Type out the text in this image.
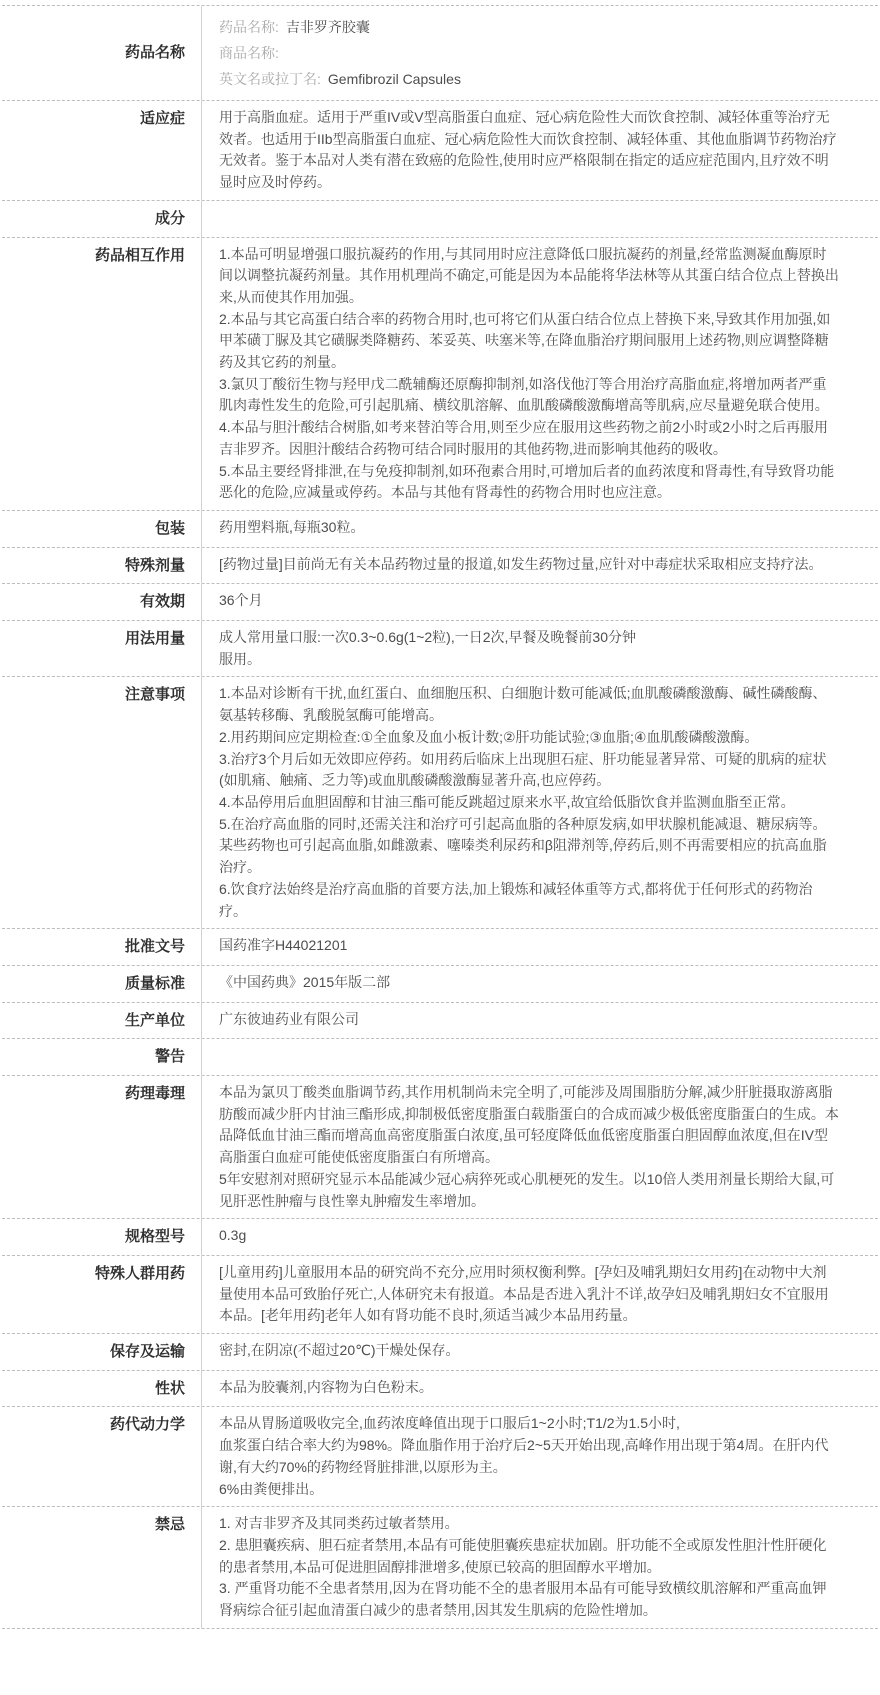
药品名称
药品名称: 吉非罗齐胶囊
商品名称:
英文名或拉丁名: Gemfibrozil Capsules
适应症	用于高脂血症。适用于严重IV或V型高脂蛋白血症、冠心病危险性大而饮食控制、减轻体重等治疗无效者。也适用于IIb型高脂蛋白血症、冠心病危险性大而饮食控制、减轻体重、其他血脂调节药物治疗无效者。鉴于本品对人类有潜在致癌的危险性,使用时应严格限制在指定的适应症范围内,且疗效不明显时应及时停药。
成分
药品相互作用	1.本品可明显增强口服抗凝药的作用,与其同用时应注意降低口服抗凝药的剂量,经常监测凝血酶原时间以调整抗凝药剂量。其作用机理尚不确定,可能是因为本品能将华法林等从其蛋白结合位点上替换出来,从而使其作用加强。
2.本品与其它高蛋白结合率的药物合用时,也可将它们从蛋白结合位点上替换下来,导致其作用加强,如甲苯磺丁脲及其它磺脲类降糖药、苯妥英、呋塞米等,在降血脂治疗期间服用上述药物,则应调整降糖药及其它药的剂量。
3.氯贝丁酸衍生物与羟甲戊二酰辅酶还原酶抑制剂,如洛伐他汀等合用治疗高脂血症,将增加两者严重肌肉毒性发生的危险,可引起肌痛、横纹肌溶解、血肌酸磷酸激酶增高等肌病,应尽量避免联合使用。
4.本品与胆汁酸结合树脂,如考来替泊等合用,则至少应在服用这些药物之前2小时或2小时之后再服用吉非罗齐。因胆汁酸结合药物可结合同时服用的其他药物,进而影响其他药的吸收。
5.本品主要经肾排泄,在与免疫抑制剂,如环孢素合用时,可增加后者的血药浓度和肾毒性,有导致肾功能恶化的危险,应减量或停药。本品与其他有肾毒性的药物合用时也应注意。
包装	药用塑料瓶,每瓶30粒。
特殊剂量	[药物过量]目前尚无有关本品药物过量的报道,如发生药物过量,应针对中毒症状采取相应支持疗法。
有效期	36个月
用法用量	成人常用量口服:一次0.3~0.6g(1~2粒),一日2次,早餐及晚餐前30分钟
服用。
注意事项	1.本品对诊断有干扰,血红蛋白、血细胞压积、白细胞计数可能减低;血肌酸磷酸激酶、碱性磷酸酶、氨基转移酶、乳酸脱氢酶可能增高。
2.用药期间应定期检查:①全血象及血小板计数;②肝功能试验;③血脂;④血肌酸磷酸激酶。
3.治疗3个月后如无效即应停药。如用药后临床上出现胆石症、肝功能显著异常、可疑的肌病的症状(如肌痛、触痛、乏力等)或血肌酸磷酸激酶显著升高,也应停药。
4.本品停用后血胆固醇和甘油三酯可能反跳超过原来水平,故宜给低脂饮食并监测血脂至正常。
5.在治疗高血脂的同时,还需关注和治疗可引起高血脂的各种原发病,如甲状腺机能减退、糖尿病等。某些药物也可引起高血脂,如雌激素、噻嗪类利尿药和β阻滞剂等,停药后,则不再需要相应的抗高血脂治疗。
6.饮食疗法始终是治疗高血脂的首要方法,加上锻炼和减轻体重等方式,都将优于任何形式的药物治疗。
批准文号	国药准字H44021201
质量标准	《中国药典》2015年版二部
生产单位	广东彼迪药业有限公司
警告
药理毒理	本品为氯贝丁酸类血脂调节药,其作用机制尚未完全明了,可能涉及周围脂肪分解,减少肝脏摄取游离脂肪酸而减少肝内甘油三酯形成,抑制极低密度脂蛋白载脂蛋白的合成而减少极低密度脂蛋白的生成。本品降低血甘油三酯而增高血高密度脂蛋白浓度,虽可轻度降低血低密度脂蛋白胆固醇血浓度,但在IV型高脂蛋白血症可能使低密度脂蛋白有所增高。
5年安慰剂对照研究显示本品能减少冠心病猝死或心肌梗死的发生。以10倍人类用剂量长期给大鼠,可见肝恶性肿瘤与良性睾丸肿瘤发生率增加。
规格型号	0.3g
特殊人群用药	[儿童用药]儿童服用本品的研究尚不充分,应用时须权衡利弊。[孕妇及哺乳期妇女用药]在动物中大剂量使用本品可致胎仔死亡,人体研究未有报道。本品是否进入乳汁不详,故孕妇及哺乳期妇女不宜服用本品。[老年用药]老年人如有肾功能不良时,须适当减少本品用药量。
保存及运输	密封,在阴凉(不超过20℃)干燥处保存。
性状	本品为胶囊剂,内容物为白色粉末。
药代动力学	本品从胃肠道吸收完全,血药浓度峰值出现于口服后1~2小时;T1/2为1.5小时,
血浆蛋白结合率大约为98%。降血脂作用于治疗后2~5天开始出现,高峰作用出现于第4周。在肝内代谢,有大约70%的药物经肾脏排泄,以原形为主。
6%由粪便排出。
禁忌	1. 对吉非罗齐及其同类药过敏者禁用。
2. 患胆囊疾病、胆石症者禁用,本品有可能使胆囊疾患症状加剧。肝功能不全或原发性胆汁性肝硬化的患者禁用,本品可促进胆固醇排泄增多,使原已较高的胆固醇水平增加。
3. 严重肾功能不全患者禁用,因为在肾功能不全的患者服用本品有可能导致横纹肌溶解和严重高血钾肾病综合征引起血清蛋白减少的患者禁用,因其发生肌病的危险性增加。
